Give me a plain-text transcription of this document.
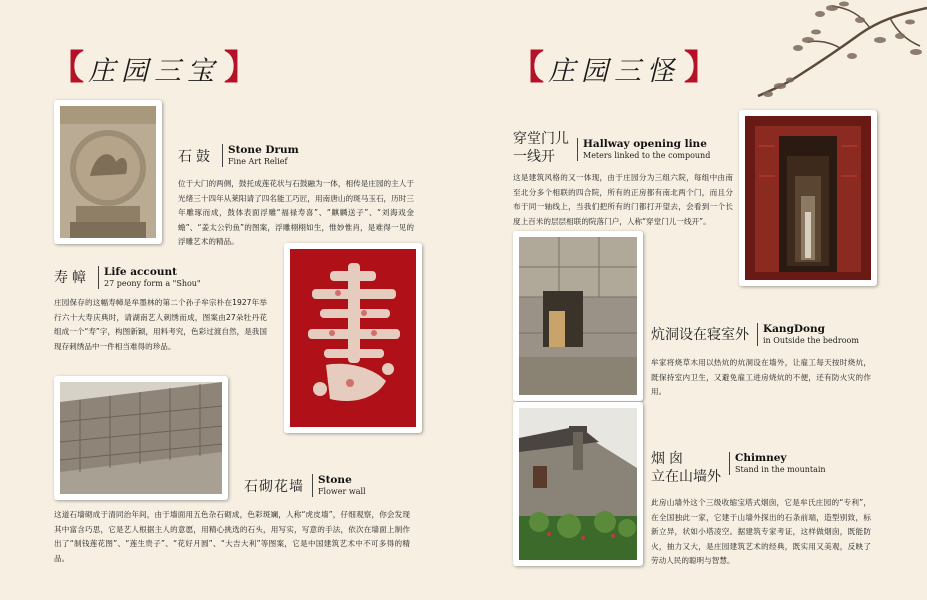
【 庄园三宝 】
石鼓 Stone Drum
Fine Art Relief
位于大门的两侧，鼓托成莲花状与石鼓融为一体，相传是庄园的主人于光绪三十四年从莱阳请了四名能工巧匠，用南唐山的斑马玉石，历时三年雕琢而成，鼓体表面浮雕“福禄寿喜”、“麒麟送子”、“刘海戏金蟾”、“姜太公钓鱼”的图案，浮雕栩栩如生，惟妙惟肖，是难得一见的浮雕艺术的精品。
寿幛 Life account
27 peony form a "Shou"
庄园保存的这幅寿幛是牟墨林的第二个孙子牟宗朴在1927年举行六十大寿庆典时，请湖南艺人刺绣而成，图案由27朵牡丹花组成一个“寿”字，构图新颖，用料考究，色彩过渡自然，是我国现存刺绣品中一件相当难得的珍品。
石砌花墙 Stone
Flower wall
这道石墙砌成于清同治年间，由于墙面用五色杂石砌成，色彩斑斓，人称“虎皮墙”，仔细观察，你会发现其中富含巧思，它是艺人根据主人的意愿，用精心挑选的石头，用写实，写意的手法，依次在墙面上制作出了“制钱莲花图”、“莲生贵子”、“花好月圆”、“大吉大利”等图案，它是中国建筑艺术中不可多得的精品。
【 庄园三怪 】
穿堂门儿
一线开
Hallway opening line
Meters linked to the compound
这是建筑风格的又一体现，由于庄园分为三组六院，每组中由南至北分多个相联的四合院，所有的正房都有南北两个门，而且分布于同一轴线上，当我们把所有的门都打开望去，会看到一个长度上百米的层层相联的院落门户，人称“穿堂门儿一线开”。
炕洞设在寝室外 KangDong
in Outside the bedroom
牟家将烧草木用以热炕的炕洞设在墙外，让雇工每天按时烧炕，既保持室内卫生，又避免雇工进房烧炕的不便，还有防火灾的作用。
烟囱
立在山墙外
Chimney
Stand in the mountain
此房山墙外这个三级收缩宝塔式烟囱，它是牟氏庄园的“专利”，在全国独此一家，它建于山墙外探出的石条前端，造型别致，标新立异，状如小塔凌空。据建筑专家考证，这样做烟囱，既能防火，抽力又大，是庄园建筑艺术的经典，既实用又美观，反映了劳动人民的聪明与智慧。
